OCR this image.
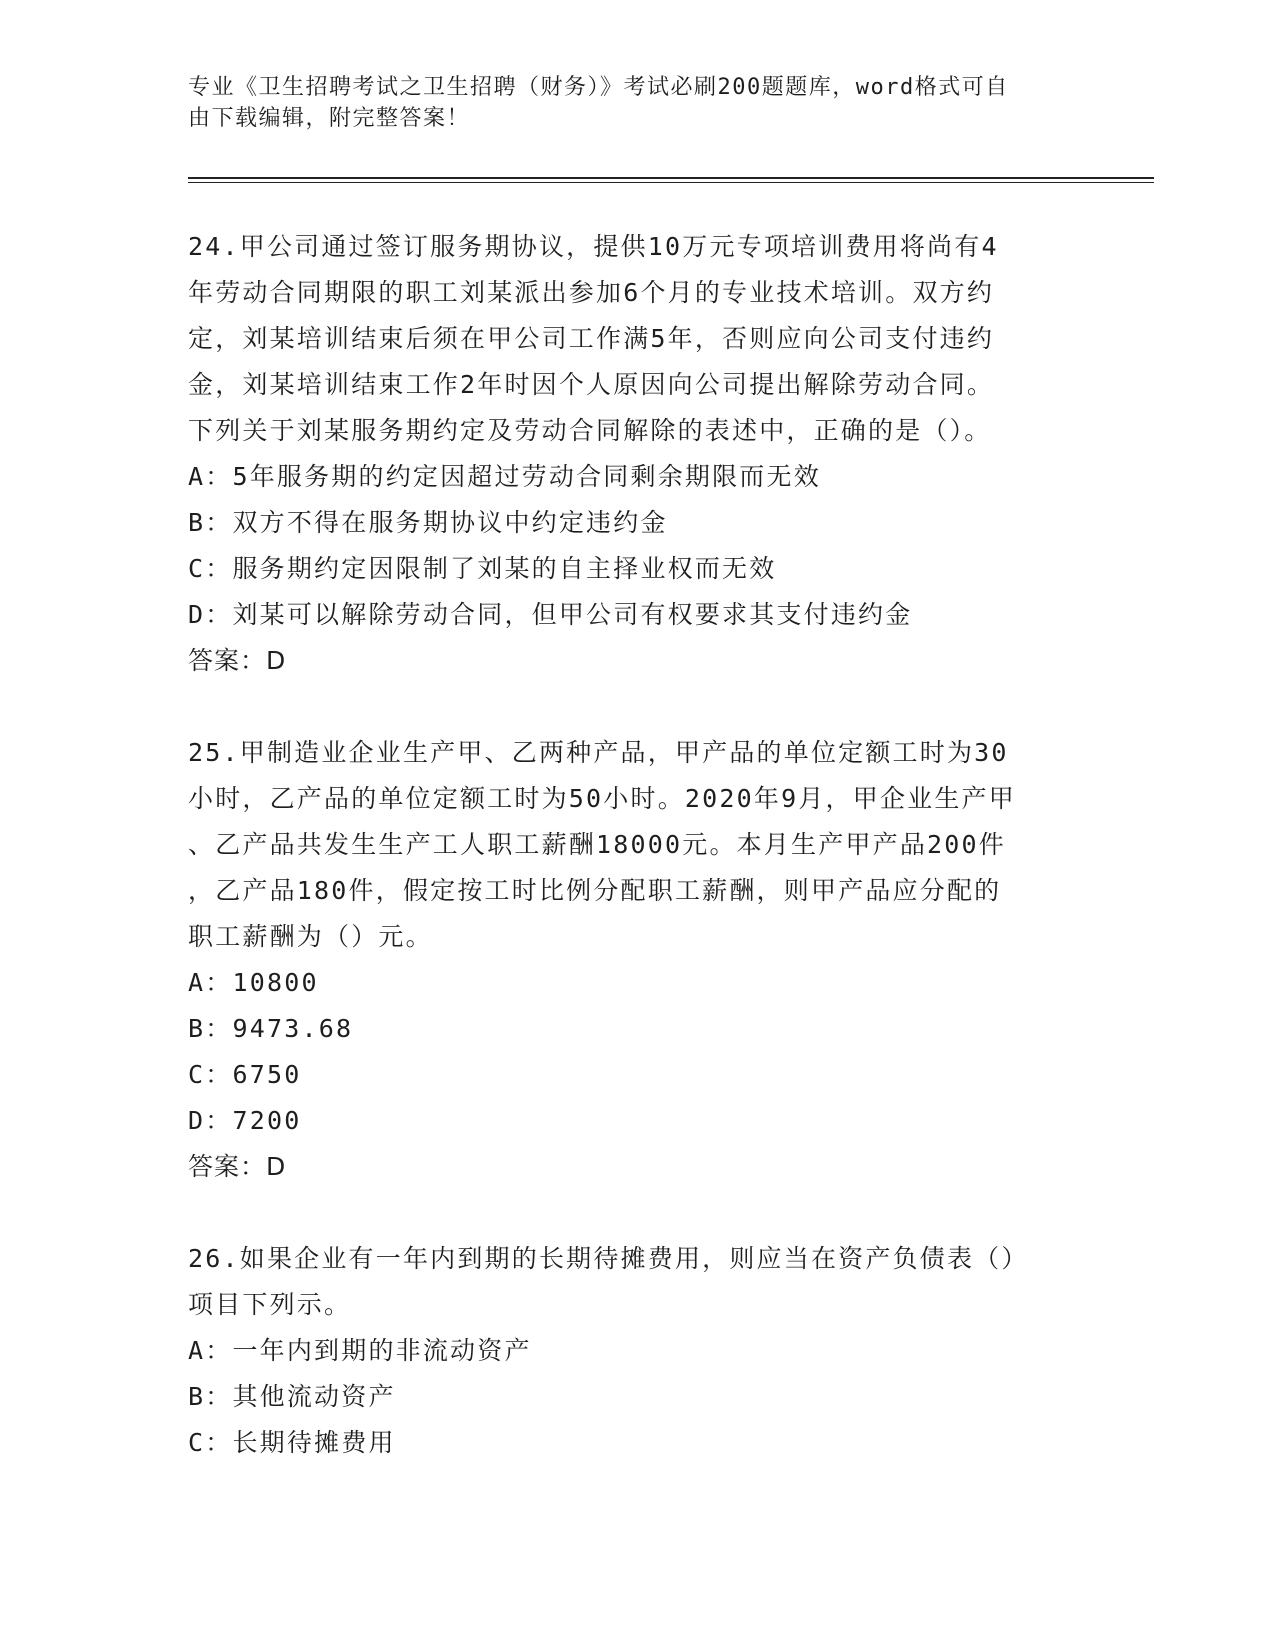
专业《卫生招聘考试之卫生招聘（财务）》考试必刷200题题库，word格式可自
由下载编辑，附完整答案！
24.甲公司通过签订服务期协议，提供10万元专项培训费用将尚有4
年劳动合同期限的职工刘某派出参加6个月的专业技术培训。双方约
定，刘某培训结束后须在甲公司工作满5年，否则应向公司支付违约
金，刘某培训结束工作2年时因个人原因向公司提出解除劳动合同。
下列关于刘某服务期约定及劳动合同解除的表述中，正确的是（）。
A：5年服务期的约定因超过劳动合同剩余期限而无效
B：双方不得在服务期协议中约定违约金
C：服务期约定因限制了刘某的自主择业权而无效
D：刘某可以解除劳动合同，但甲公司有权要求其支付违约金
答案：D
25.甲制造业企业生产甲、乙两种产品，甲产品的单位定额工时为30
小时，乙产品的单位定额工时为50小时。2020年9月，甲企业生产甲
、乙产品共发生生产工人职工薪酬18000元。本月生产甲产品200件
，乙产品180件，假定按工时比例分配职工薪酬，则甲产品应分配的
职工薪酬为（）元。
A：10800
B：9473.68
C：6750
D：7200
答案：D
26.如果企业有一年内到期的长期待摊费用，则应当在资产负债表（）
项目下列示。
A：一年内到期的非流动资产
B：其他流动资产
C：长期待摊费用
